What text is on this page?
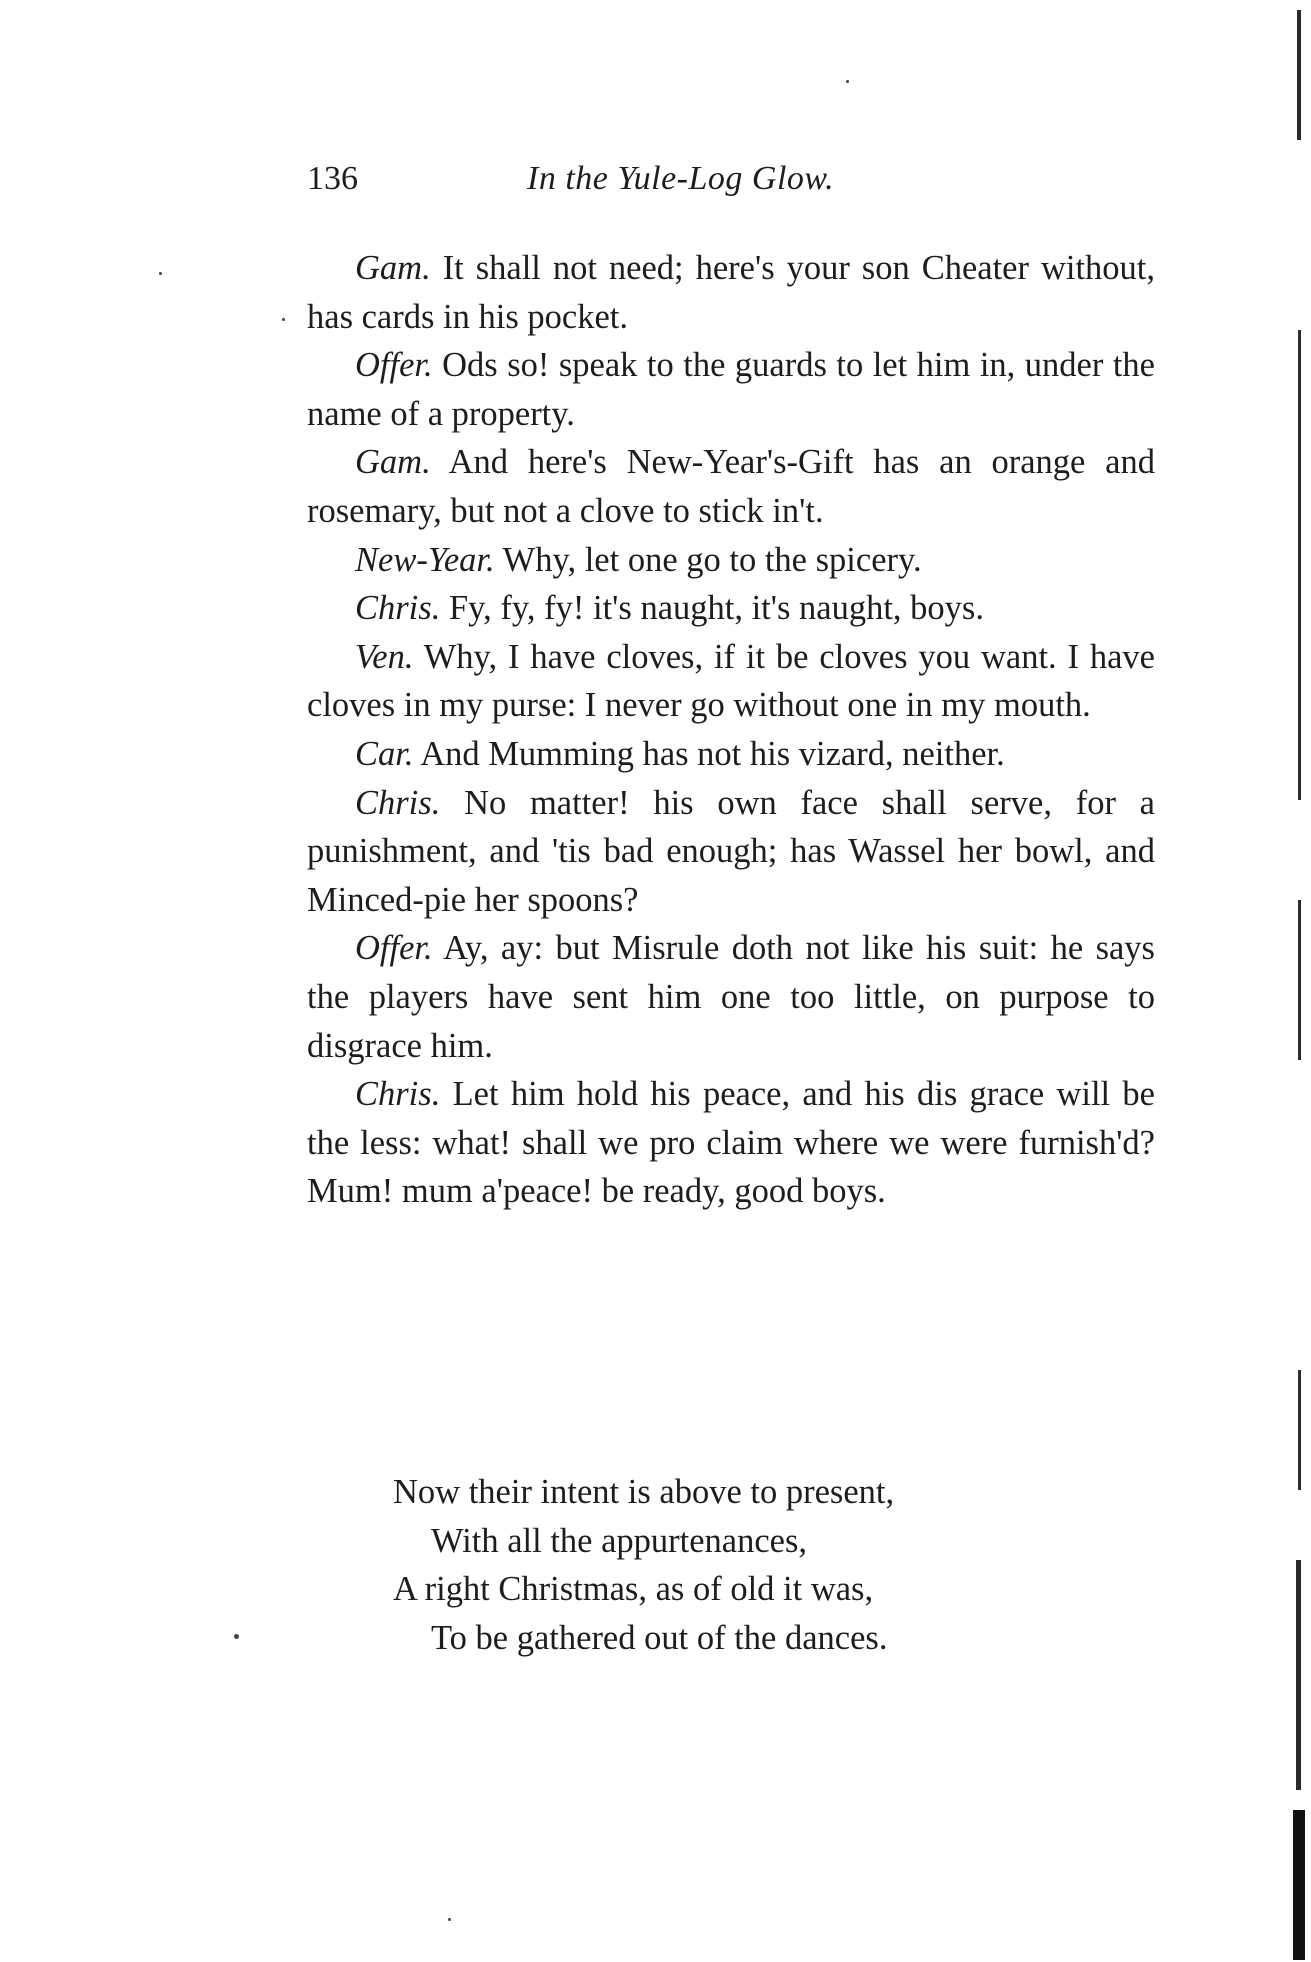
136	In the Yule-Log Glow.

Gam. It shall not need; here's your son Cheater without, has cards in his pocket.

Offer. Ods so! speak to the guards to let him in, under the name of a property.

Gam. And here's New-Year's-Gift has an orange and rosemary, but not a clove to stick in't.

New-Year. Why, let one go to the spicery.

Chris. Fy, fy, fy! it's naught, it's naught, boys.

Ven. Why, I have cloves, if it be cloves you want. I have cloves in my purse: I never go without one in my mouth.

Car. And Mumming has not his vizard, neither.

Chris. No matter! his own face shall serve, for a punishment, and 'tis bad enough; has Wassel her bowl, and Minced-pie her spoons?

Offer. Ay, ay: but Misrule doth not like his suit: he says the players have sent him one too little, on purpose to disgrace him.

Chris. Let him hold his peace, and his dis grace will be the less: what! shall we pro claim where we were furnish'd? Mum! mum a'peace! be ready, good boys.

Now their intent is above to present,
With all the appurtenances,
A right Christmas, as of old it was,
To be gathered out of the dances.
